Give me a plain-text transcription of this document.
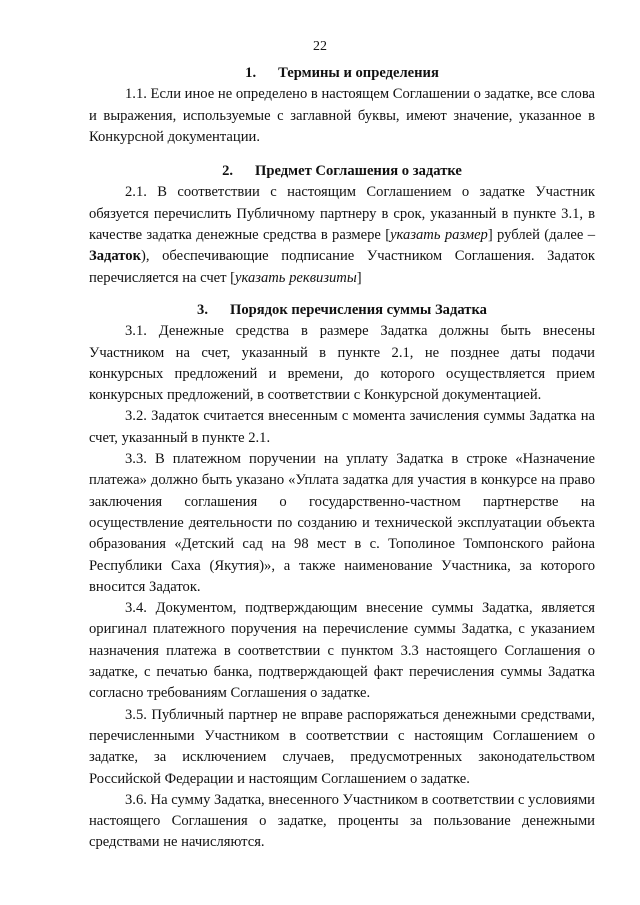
22
1. Термины и определения

1.1. Если иное не определено в настоящем Соглашении о задатке, все слова и выражения, используемые с заглавной буквы, имеют значение, указанное в Конкурсной документации.

2. Предмет Соглашения о задатке

2.1. В соответствии с настоящим Соглашением о задатке Участник обязуется перечислить Публичному партнеру в срок, указанный в пункте 3.1, в качестве задатка денежные средства в размере [указать размер] рублей (далее – Задаток), обеспечивающие подписание Участником Соглашения. Задаток перечисляется на счет [указать реквизиты]

3. Порядок перечисления суммы Задатка

3.1. Денежные средства в размере Задатка должны быть внесены Участником на счет, указанный в пункте 2.1, не позднее даты подачи конкурсных предложений и времени, до которого осуществляется прием конкурсных предложений, в соответствии с Конкурсной документацией.

3.2. Задаток считается внесенным с момента зачисления суммы Задатка на счет, указанный в пункте 2.1.

3.3. В платежном поручении на уплату Задатка в строке «Назначение платежа» должно быть указано «Уплата задатка для участия в конкурсе на право заключения соглашения о государственно-частном партнерстве на осуществление деятельности по созданию и технической эксплуатации объекта образования «Детский сад на 98 мест в с. Тополиное Томпонского района Республики Саха (Якутия)», а также наименование Участника, за которого вносится Задаток.

3.4. Документом, подтверждающим внесение суммы Задатка, является оригинал платежного поручения на перечисление суммы Задатка, с указанием назначения платежа в соответствии с пунктом 3.3 настоящего Соглашения о задатке, с печатью банка, подтверждающей факт перечисления суммы Задатка согласно требованиям Соглашения о задатке.

3.5. Публичный партнер не вправе распоряжаться денежными средствами, перечисленными Участником в соответствии с настоящим Соглашением о задатке, за исключением случаев, предусмотренных законодательством Российской Федерации и настоящим Соглашением о задатке.

3.6. На сумму Задатка, внесенного Участником в соответствии с условиями настоящего Соглашения о задатке, проценты за пользование денежными средствами не начисляются.
